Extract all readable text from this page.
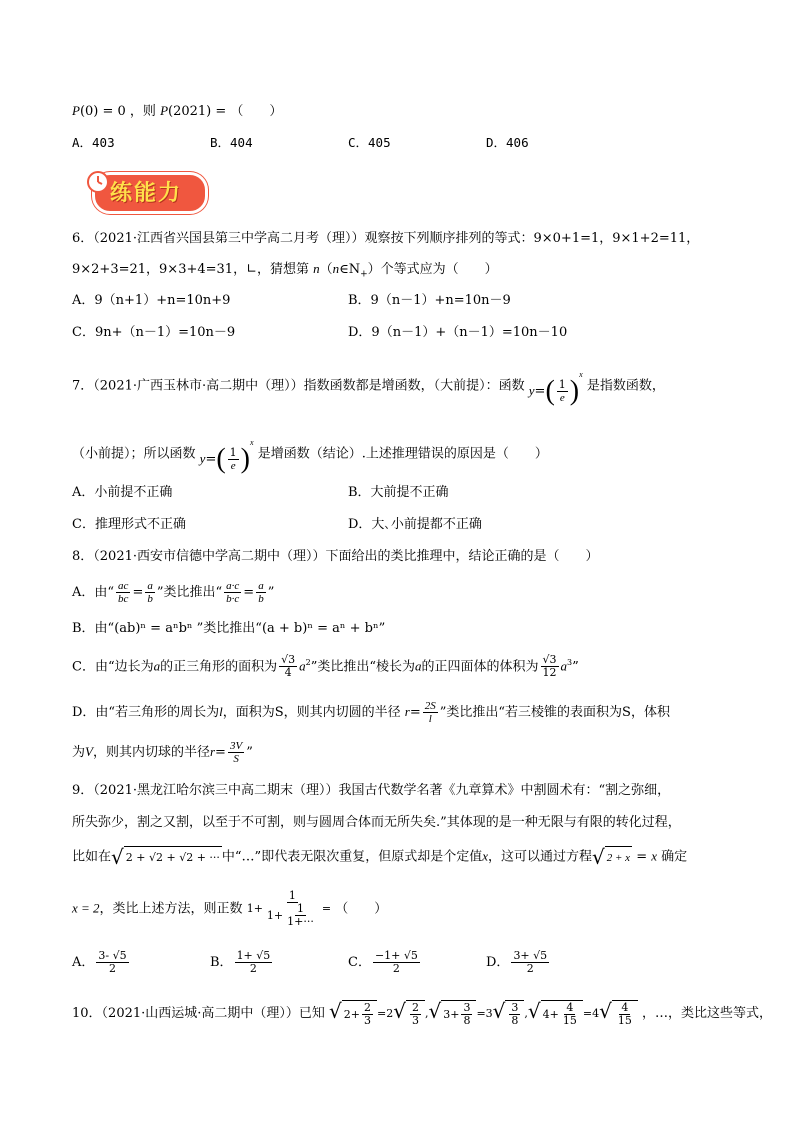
P(0) = 0 ，则 P(2021) = （　　）
A．403	B．404	C．405	D．406
练能力
6．（2021·江西省兴国县第三中学高二月考（理））观察按下列顺序排列的等式：9×0+1=1，9×1+2=11，
9×2+3=21，9×3+4=31，∟，猜想第 $n(n\in N_+)$个等式应为（　　）
A．9（n+1）+n=10n+9	B．9（n－1）+n=10n－9
C．9n+（n－1）=10n－9	D．9（n－1）+（n－1）=10n－10
7．（2021·广西玉林市·高二期中（理））指数函数都是增函数，（大前提）：函数 $y=( \frac{1}{e} )^x$ 是指数函数，
（小前提）；所以函数 $y=( \frac{1}{e} )^x$ 是增函数（结论）.上述推理错误的原因是（　　）
A．小前提不正确	B．大前提不正确
C．推理形式不正确	D．大､小前提都不正确
8．（2021·西安市信德中学高二期中（理））下面给出的类比推理中，结论正确的是（　　）
A．由“ $\frac{ac}{bc} = \frac{a}{b}$ ”类比推出“ $\frac{a\cdot c}{b\cdot c} = \frac{a}{b}$ ”
B．由“(ab)ⁿ = aⁿbⁿ ”类比推出“(a + b)ⁿ = aⁿ + bⁿ”
C．由“边长为a的正三角形的面积为 $\frac{√3}{4} a^2$”类比推出“棱长为a的正四面体的体积为 $\frac{√3}{12} a^3$”
D．由“若三角形的周长为l，面积为S，则其内切圆的半径 $r= \frac{2S}{l}$ ”类比推出“若三棱锥的表面积为S，体积
为V，则其内切球的半径$r= \frac{3V}{S}$ ”
9．（2021·黑龙江哈尔滨三中高二期末（理））我国古代数学名著《九章算术》中割圆术有：“割之弥细，
所失弥少，割之又割，以至于不可割，则与圆周合体而无所失矣.”其体现的是一种无限与有限的转化过程，
比如在 √ 2 + √2 + √2 + ··· 中“…”即代表无限次重复，但原式却是个定值x，这可以通过方程 √ 2 + x = x 确定
x = 2，类比上述方法，则正数 $1 + \frac{1}{1+ \frac{1}{1+\cdot\cdot\cdot}}$ = （　　）
A． $\frac{3- √5}{2}$	B． $\frac{1+ √5}{2}$	C． $\frac{-1+ √5}{2}$	D． $\frac{3+ √5}{2}$
10．（2021·山西运城·高二期中（理））已知 √ $2 + \frac{2}{3} = 2$ √ $\frac{2}{3}$ , √ $3 + \frac{3}{8} = 3$ √ $\frac{3}{8}$ , √ $4 + \frac{4}{15} = 4$ √ $\frac{4}{15}$ ，…，类比这些等式，
